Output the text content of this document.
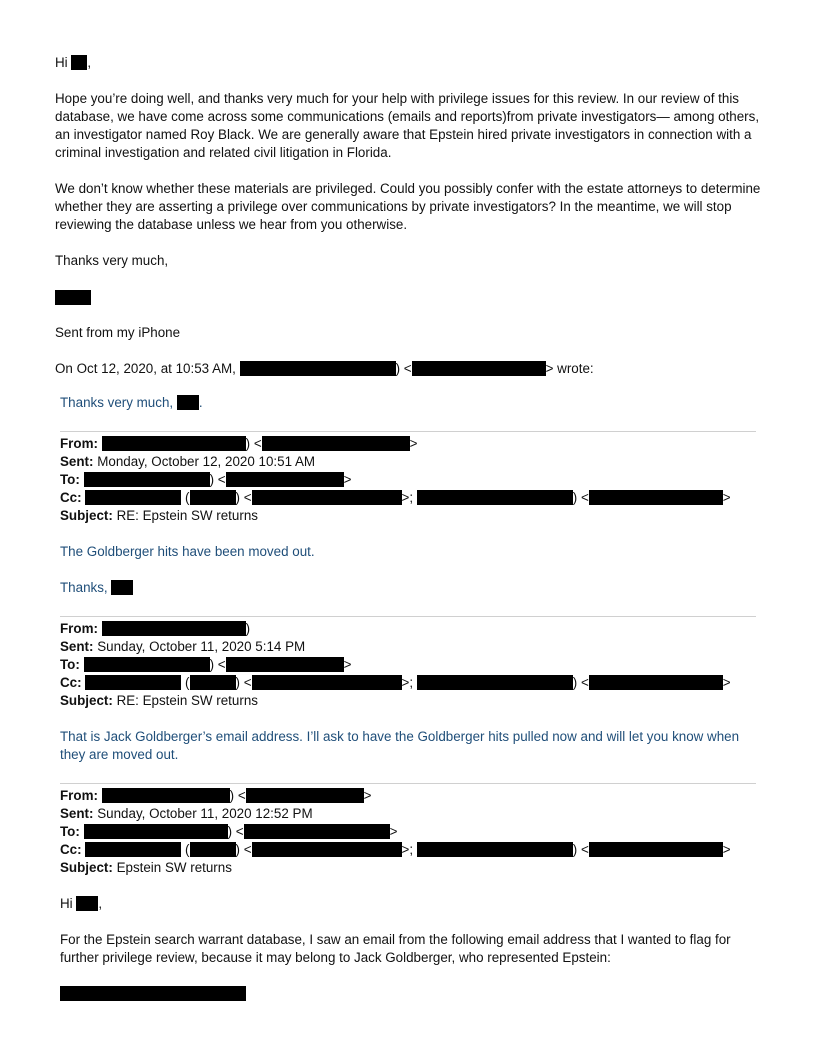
Hi ,
Hope you’re doing well, and thanks very much for your help with privilege issues for this review. In our review of this database, we have come across some communications (emails and reports)from private investigators— among others, an investigator named Roy Black. We are generally aware that Epstein hired private investigators in connection with a criminal investigation and related civil litigation in Florida.
We don’t know whether these materials are privileged. Could you possibly confer with the estate attorneys to determine whether they are asserting a privilege over communications by private investigators? In the meantime, we will stop reviewing the database unless we hear from you otherwise.
Thanks very much,
Sent from my iPhone
On Oct 12, 2020, at 10:53 AM,	) <	> wrote:
Thanks very much, .
From:	) <	>
Sent: Monday, October 12, 2020 10:51 AM
To:	) <	>
Cc:	(	) <	>;	) <	>
Subject: RE: Epstein SW returns
The Goldberger hits have been moved out.
Thanks,
From:	)
Sent: Sunday, October 11, 2020 5:14 PM
To:	) <	>
Cc:	(	) <	>;	) <	>
Subject: RE: Epstein SW returns
That is Jack Goldberger’s email address. I’ll ask to have the Goldberger hits pulled now and will let you know when they are moved out.
From:	) <	>
Sent: Sunday, October 11, 2020 12:52 PM
To:	) <	>
Cc:	(	) <	>;	) <	>
Subject: Epstein SW returns
Hi ,
For the Epstein search warrant database, I saw an email from the following email address that I wanted to flag for further privilege review, because it may belong to Jack Goldberger, who represented Epstein:
